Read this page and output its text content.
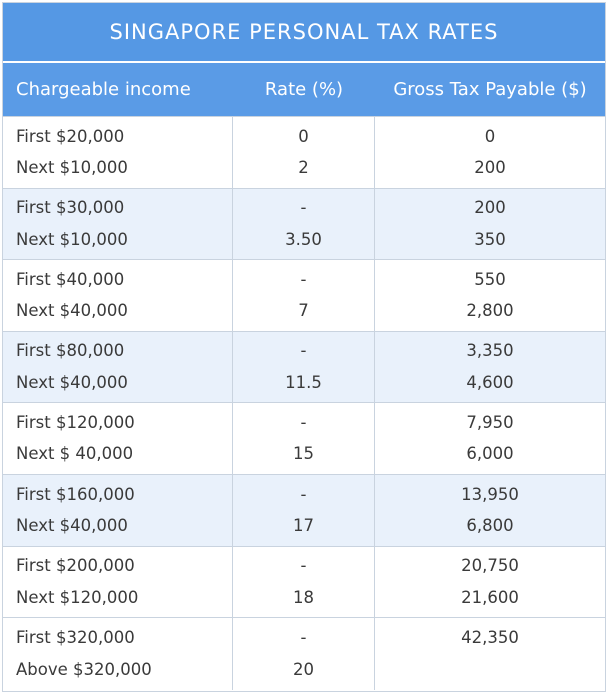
SINGAPORE PERSONAL TAX RATES
Chargeable income	Rate (%)	Gross Tax Payable ($)
First $20,000
Next $10,000
0
2
0
200
First $30,000
Next $10,000
-
3.50
200
350
First $40,000
Next $40,000
-
7
550
2,800
First $80,000
Next $40,000
-
11.5
3,350
4,600
First $120,000
Next $ 40,000
-
15
7,950
6,000
First $160,000
Next $40,000
-
17
13,950
6,800
First $200,000
Next $120,000
-
18
20,750
21,600
First $320,000
Above $320,000
-
20
42,350
